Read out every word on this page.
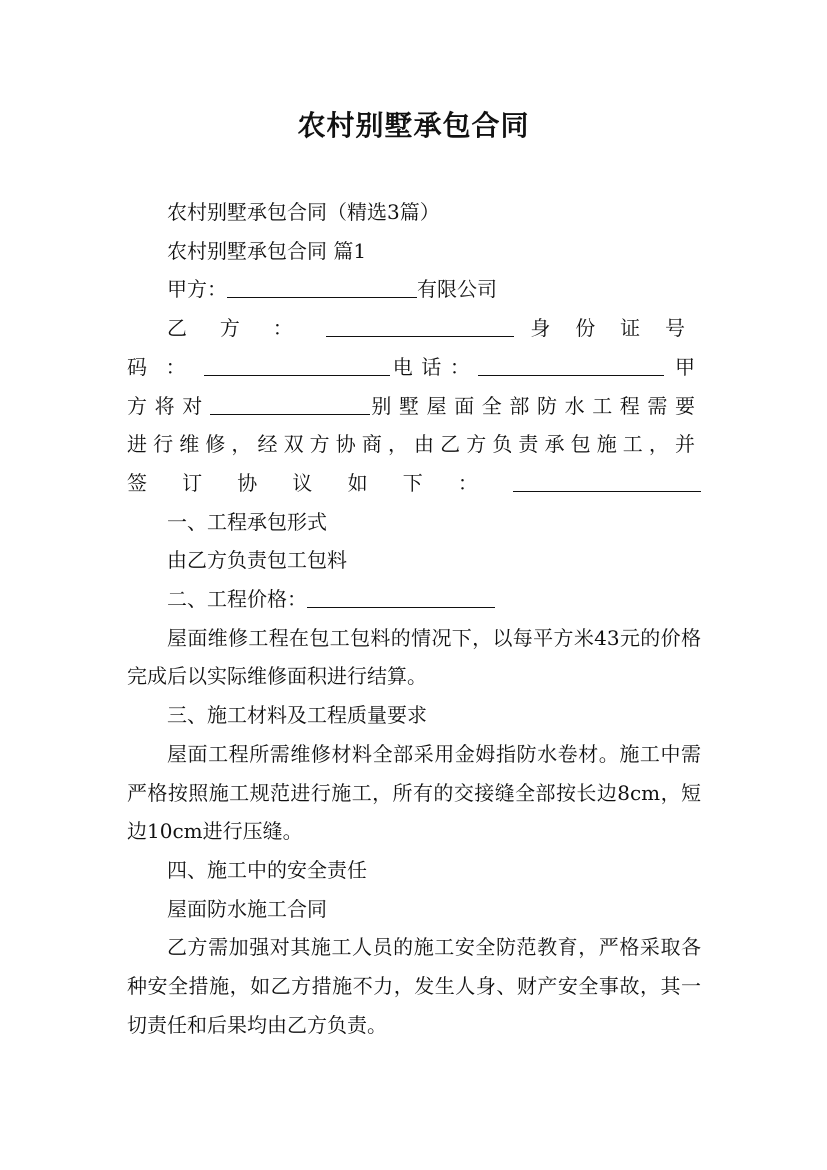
农村别墅承包合同

农村别墅承包合同（精选3篇）

农村别墅承包合同 篇1

甲方：	有限公司

乙方：	身份证号码：	电话：	甲方将对	别墅屋面全部防水工程需要进行维修，经双方协商，由乙方负责承包施工，并签订协议如下：

一、工程承包形式

由乙方负责包工包料

二、工程价格：

屋面维修工程在包工包料的情况下，以每平方米43元的价格完成后以实际维修面积进行结算。

三、施工材料及工程质量要求

屋面工程所需维修材料全部采用金姆指防水卷材。施工中需严格按照施工规范进行施工，所有的交接缝全部按长边8cm，短边10cm进行压缝。

四、施工中的安全责任

屋面防水施工合同

乙方需加强对其施工人员的施工安全防范教育，严格采取各种安全措施，如乙方措施不力，发生人身、财产安全事故，其一切责任和后果均由乙方负责。
